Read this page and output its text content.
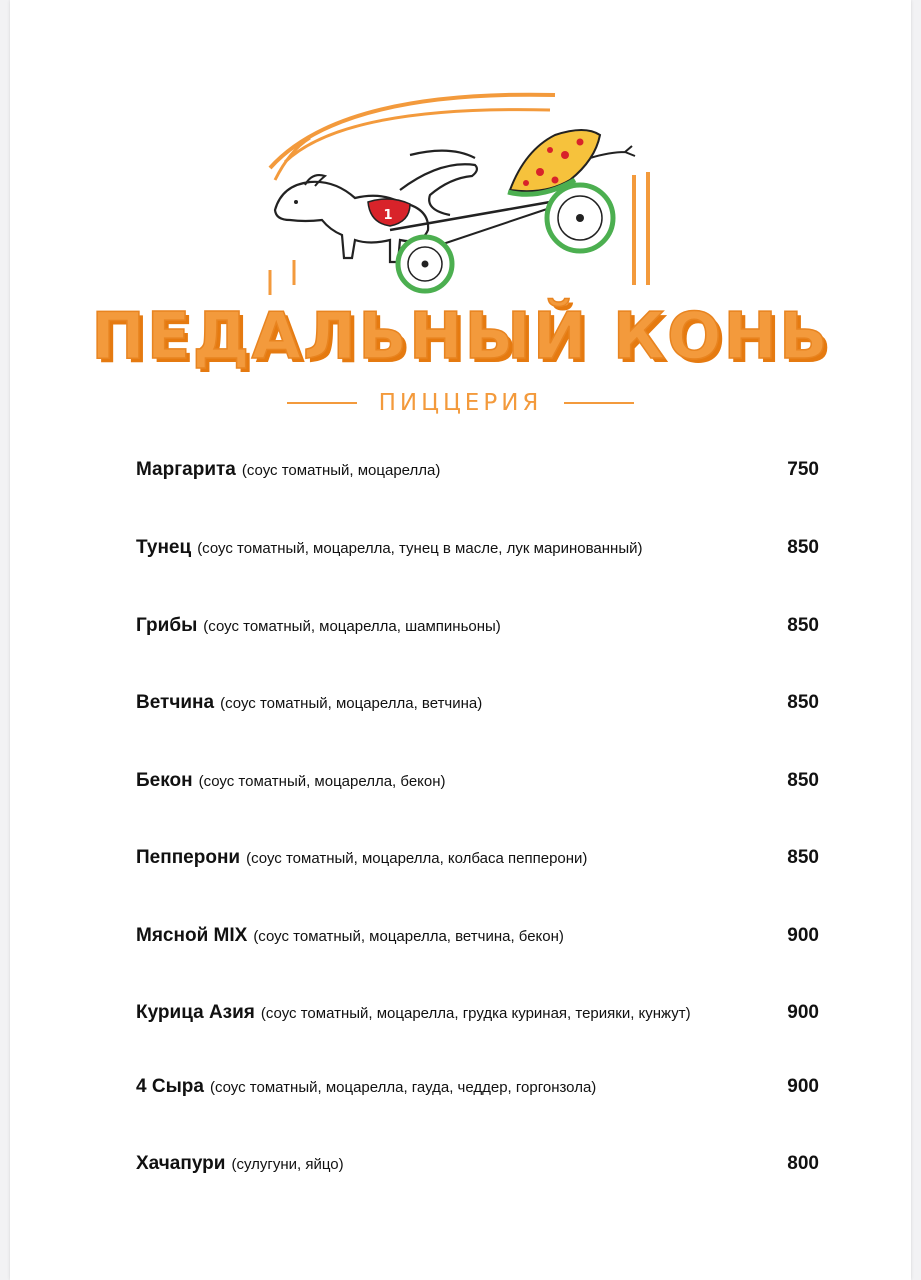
1
ПЕДАЛЬНЫЙ КОНЬ
ПИЦЦЕРИЯ
Маргарита (соус томатный, моцарелла)	750
Тунец (соус томатный, моцарелла, тунец в масле, лук маринованный)	850
Грибы (соус томатный, моцарелла, шампиньоны)	850
Ветчина (соус томатный, моцарелла, ветчина)	850
Бекон (соус томатный, моцарелла, бекон)	850
Пепперони (соус томатный, моцарелла, колбаса пепперони)	850
Мясной MIX (соус томатный, моцарелла, ветчина, бекон)	900
Курица Азия (соус томатный, моцарелла, грудка куриная, терияки, кунжут)	900
4 Сыра (соус томатный, моцарелла, гауда, чеддер, горгонзола)	900
Хачапури (сулугуни, яйцо)	800
